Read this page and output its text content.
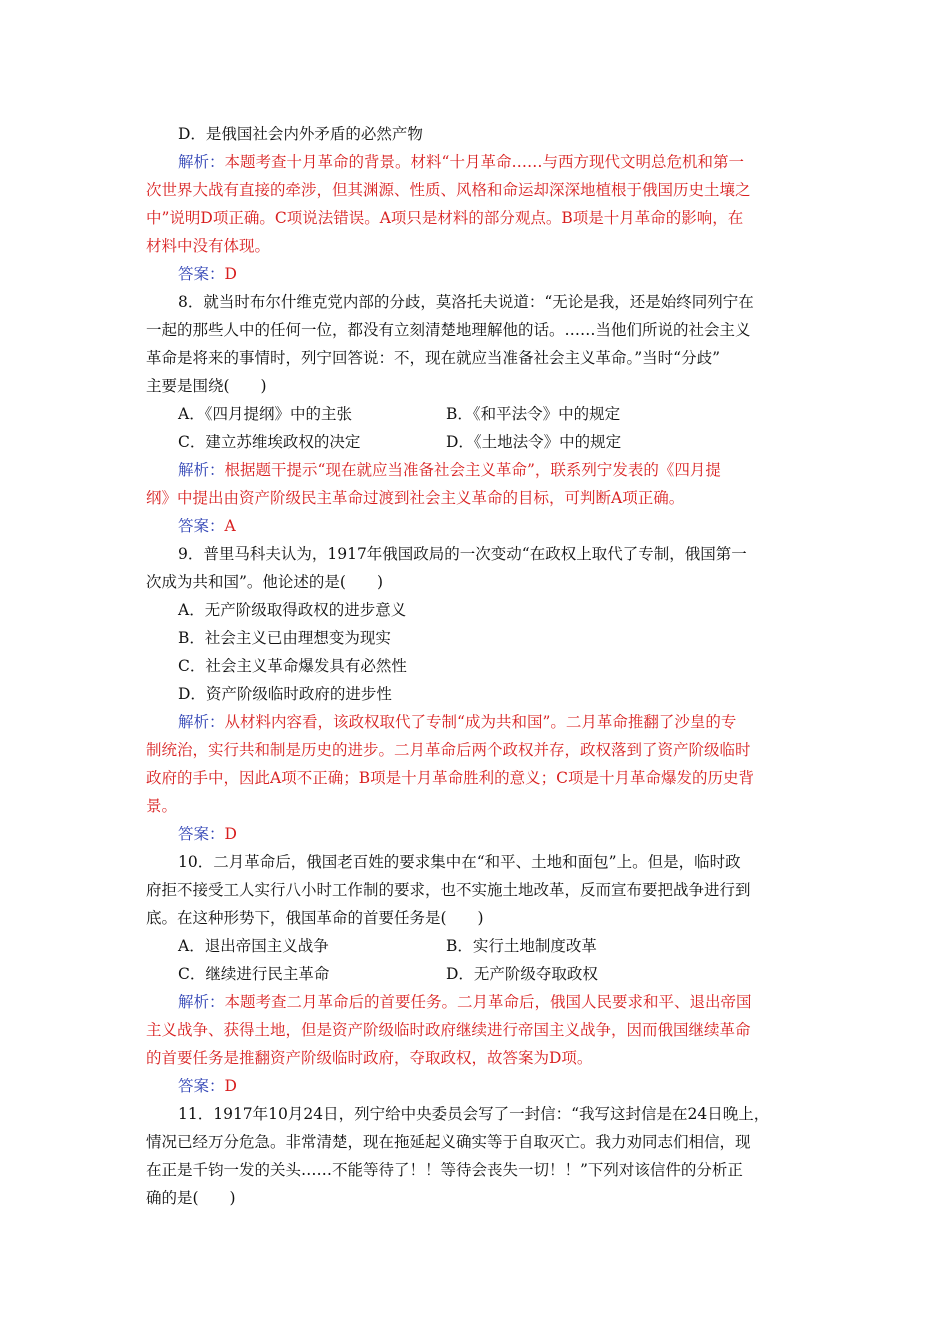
D．是俄国社会内外矛盾的必然产物
解析：本题考查十月革命的背景。材料“十月革命……与西方现代文明总危机和第一
次世界大战有直接的牵涉，但其渊源、性质、风格和命运却深深地植根于俄国历史土壤之
中”说明D项正确。C项说法错误。A项只是材料的部分观点。B项是十月革命的影响，在
材料中没有体现。
答案：D
8．就当时布尔什维克党内部的分歧，莫洛托夫说道：“无论是我，还是始终同列宁在
一起的那些人中的任何一位，都没有立刻清楚地理解他的话。……当他们所说的社会主义
革命是将来的事情时，列宁回答说：不，现在就应当准备社会主义革命。”当时“分歧”
主要是围绕(　　)
A．《四月提纲》中的主张	B．《和平法令》中的规定
C．建立苏维埃政权的决定	D．《土地法令》中的规定
解析：根据题干提示“现在就应当准备社会主义革命”，联系列宁发表的《四月提
纲》中提出由资产阶级民主革命过渡到社会主义革命的目标，可判断A项正确。
答案：A
9．普里马科夫认为，1917年俄国政局的一次变动“在政权上取代了专制，俄国第一
次成为共和国”。他论述的是(　　)
A．无产阶级取得政权的进步意义
B．社会主义已由理想变为现实
C．社会主义革命爆发具有必然性
D．资产阶级临时政府的进步性
解析：从材料内容看，该政权取代了专制“成为共和国”。二月革命推翻了沙皇的专
制统治，实行共和制是历史的进步。二月革命后两个政权并存，政权落到了资产阶级临时
政府的手中，因此A项不正确；B项是十月革命胜利的意义；C项是十月革命爆发的历史背
景。
答案：D
10．二月革命后，俄国老百姓的要求集中在“和平、土地和面包”上。但是，临时政
府拒不接受工人实行八小时工作制的要求，也不实施土地改革，反而宣布要把战争进行到
底。在这种形势下，俄国革命的首要任务是(　　)
A．退出帝国主义战争	B．实行土地制度改革
C．继续进行民主革命	D．无产阶级夺取政权
解析：本题考查二月革命后的首要任务。二月革命后，俄国人民要求和平、退出帝国
主义战争、获得土地，但是资产阶级临时政府继续进行帝国主义战争，因而俄国继续革命
的首要任务是推翻资产阶级临时政府，夺取政权，故答案为D项。
答案：D
11．1917年10月24日，列宁给中央委员会写了一封信：“我写这封信是在24日晚上，
情况已经万分危急。非常清楚，现在拖延起义确实等于自取灭亡。我力劝同志们相信，现
在正是千钧一发的关头……不能等待了！！等待会丧失一切！！”下列对该信件的分析正
确的是(　　)
